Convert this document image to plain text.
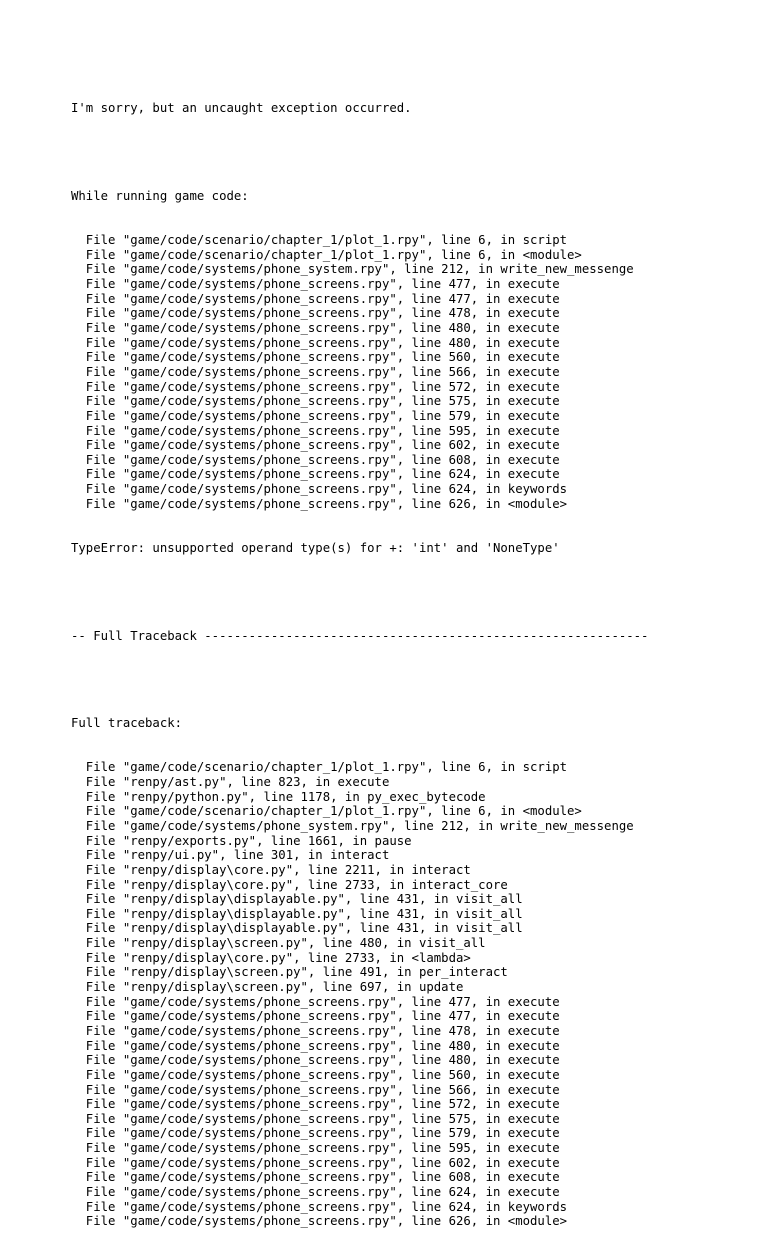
I'm sorry, but an uncaught exception occurred.

While running game code:

File "game/code/scenario/chapter_1/plot_1.rpy", line 6, in script
File "game/code/scenario/chapter_1/plot_1.rpy", line 6, in <module>
File "game/code/systems/phone_system.rpy", line 212, in write_new_messenge
File "game/code/systems/phone_screens.rpy", line 477, in execute
File "game/code/systems/phone_screens.rpy", line 477, in execute
File "game/code/systems/phone_screens.rpy", line 478, in execute
File "game/code/systems/phone_screens.rpy", line 480, in execute
File "game/code/systems/phone_screens.rpy", line 480, in execute
File "game/code/systems/phone_screens.rpy", line 560, in execute
File "game/code/systems/phone_screens.rpy", line 566, in execute
File "game/code/systems/phone_screens.rpy", line 572, in execute
File "game/code/systems/phone_screens.rpy", line 575, in execute
File "game/code/systems/phone_screens.rpy", line 579, in execute
File "game/code/systems/phone_screens.rpy", line 595, in execute
File "game/code/systems/phone_screens.rpy", line 602, in execute
File "game/code/systems/phone_screens.rpy", line 608, in execute
File "game/code/systems/phone_screens.rpy", line 624, in execute
File "game/code/systems/phone_screens.rpy", line 624, in keywords
File "game/code/systems/phone_screens.rpy", line 626, in <module>

TypeError: unsupported operand type(s) for +: 'int' and 'NoneType'

-- Full Traceback ------------------------------------------------------------

Full traceback:

File "game/code/scenario/chapter_1/plot_1.rpy", line 6, in script
File "renpy/ast.py", line 823, in execute
File "renpy/python.py", line 1178, in py_exec_bytecode
File "game/code/scenario/chapter_1/plot_1.rpy", line 6, in <module>
File "game/code/systems/phone_system.rpy", line 212, in write_new_messenge
File "renpy/exports.py", line 1661, in pause
File "renpy/ui.py", line 301, in interact
File "renpy/display\core.py", line 2211, in interact
File "renpy/display\core.py", line 2733, in interact_core
File "renpy/display\displayable.py", line 431, in visit_all
File "renpy/display\displayable.py", line 431, in visit_all
File "renpy/display\displayable.py", line 431, in visit_all
File "renpy/display\screen.py", line 480, in visit_all
File "renpy/display\core.py", line 2733, in <lambda>
File "renpy/display\screen.py", line 491, in per_interact
File "renpy/display\screen.py", line 697, in update
File "game/code/systems/phone_screens.rpy", line 477, in execute
File "game/code/systems/phone_screens.rpy", line 477, in execute
File "game/code/systems/phone_screens.rpy", line 478, in execute
File "game/code/systems/phone_screens.rpy", line 480, in execute
File "game/code/systems/phone_screens.rpy", line 480, in execute
File "game/code/systems/phone_screens.rpy", line 560, in execute
File "game/code/systems/phone_screens.rpy", line 566, in execute
File "game/code/systems/phone_screens.rpy", line 572, in execute
File "game/code/systems/phone_screens.rpy", line 575, in execute
File "game/code/systems/phone_screens.rpy", line 579, in execute
File "game/code/systems/phone_screens.rpy", line 595, in execute
File "game/code/systems/phone_screens.rpy", line 602, in execute
File "game/code/systems/phone_screens.rpy", line 608, in execute
File "game/code/systems/phone_screens.rpy", line 624, in execute
File "game/code/systems/phone_screens.rpy", line 624, in keywords
File "game/code/systems/phone_screens.rpy", line 626, in <module>
